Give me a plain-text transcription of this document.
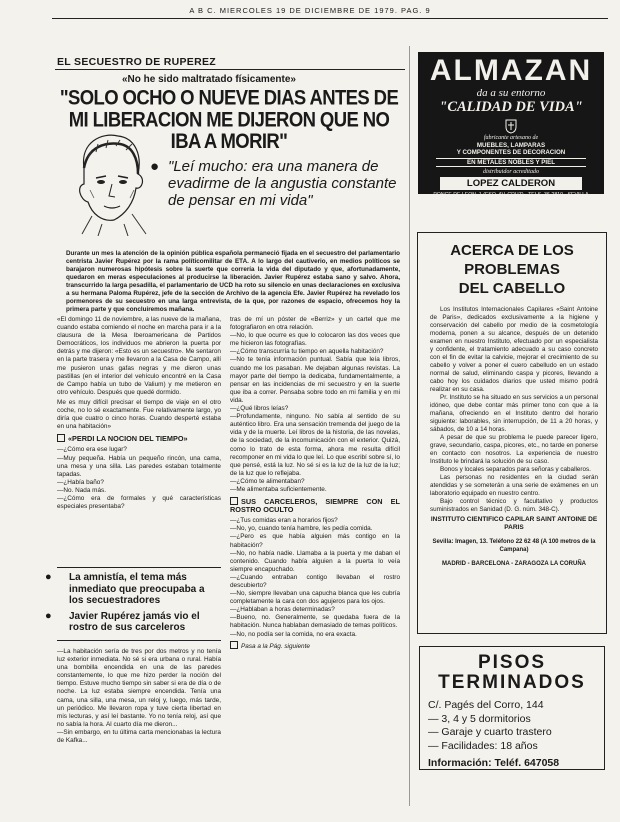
A B C. MIERCOLES 19 DE DICIEMBRE DE 1979. PAG. 9
EL SECUESTRO DE RUPEREZ
«No he sido maltratado físicamente»
"SOLO OCHO O NUEVE DIAS ANTES DE MI LIBERACION ME DIJERON QUE NO IBA A MORIR"
● "Leí mucho: era una manera de evadirme de la angustia constante de pensar en mi vida"
Durante un mes la atención de la opinión pública española permaneció fijada en el secuestro del parlamentario centrista Javier Rupérez por la rama políticomilitar de ETA. A lo largo del cautiverio, en medios políticos se barajaron numerosas hipótesis sobre la suerte que correría la vida del diputado y que, afortunadamente, quedaron en meras especulaciones al producirse la liberación. Javier Rupérez estaba sano y salvo. Ahora, transcurrido la larga pesadilla, el parlamentario de UCD ha roto su silencio en unas declaraciones en exclusiva a su hermana Paloma Rupérez, jefe de la sección de Archivo de la agencia Efe. Javier Rupérez ha revelado los pormenores de su secuestro en una larga entrevista, de la que, por razones de espacio, ofrecemos hoy la primera parte y que concluiremos mañana.

«El domingo 11 de noviembre, a las nueve de la mañana, cuando estaba comiendo el noche en marcha para ir a la clausura de la Mesa Iberoamericana de Partidos Democráticos, los individuos me abrieron la puerta por detrás y me dijeron: «Esto es un secuestro». Me sentaron en la parte trasera y me llevaron a la Casa de Campo, allí me pusieron unas gafas negras y me dieron unas pastillas (en el interior del vehículo encontré en la Casa de Campo había un tubo de Valium) y me metieron en otro vehículo. Después que quedé dormido.

Me es muy difícil precisar el tiempo de viaje en el otro coche, no lo sé exactamente. Fue relativamente largo, yo diría que cuatro o cinco horas. Cuando desperté estaba en una habitación»

«PERDI LA NOCION DEL TIEMPO»

—¿Cómo era ese lugar?
—Muy pequeña. Había un pequeño rincón, una cama, una mesa y una silla. Las paredes estaban totalmente tapadas.
—¿Había baño?
—No. Nada más.
—¿Cómo era de formales y qué características especiales presentaba?

● La amnistía, el tema más inmediato que preocupaba a los secuestradores
● Javier Rupérez jamás vio el rostro de sus carceleros

—La habitación sería de tres por dos metros y no tenía luz exterior inmediata. No sé si era urbana o rural. Había una bombilla encendida en una de las paredes constantemente, lo que me hizo perder la noción del tiempo. Estuve mucho tiempo sin saber si era de día o de noche. La luz estaba siempre encendida. Tenía una cama, una silla, una mesa, un reloj y, luego, más tarde, un periódico. Me llevaron ropa y tuve cierta libertad en mis lecturas, y así leí bastante. Yo no tenía reloj, así que no sabía la hora. Al cuarto día me dieron...
—Sin embargo, en tu última carta mencionabas la lectura de Kafka...

tras de mí un póster de «Berriz» y un cartel que me fotografiaron en otra relación.

—No, lo que ocurre es que lo colocaron las dos veces que me hicieron las fotografías.
—¿Cómo transcurría tu tiempo en aquella habitación?
—No te tenía información puntual. Sabía que leía libros, cuando me los pasaban. Me dejaban algunas revistas. La mayor parte del tiempo la dedicaba, fundamentalmente, a pensar en las incidencias de mi secuestro y en la suerte que iba a correr. Pensaba sobre todo en mi familia y en mi vida.
—¿Qué libros leías?
—Profundamente, ninguno. No sabía al sentido de su auténtico libro. Era una sensación tremenda del juego de la vida y de la muerte. Leí libros de la historia, de las novelas, de la sociedad, de la incomunicación con el exterior. Quizá, como lo trato de esta forma, ahora me resulta difícil recomponer en mi vida lo que leí. Lo que escribí sobre sí, lo que pensé, está la luz. No sé si es la luz de la luz de la luz; de la luz que lo reflejaba.
—¿Cómo te alimentaban?
—Me alimentaba suficientemente.

SUS CARCELEROS, SIEMPRE CON EL ROSTRO OCULTO

—¿Tus comidas eran a horarios fijos?
—No, yo, cuando tenía hambre, les pedía comida.
—¿Pero es que había alguien más contigo en la habitación?
—No, no había nadie. Llamaba a la puerta y me daban el contenido. Cuando había alguien a la puerta lo veía siempre encapuchado.
—¿Cuando entraban contigo llevaban el rostro descubierto?
—No, siempre llevaban una capucha blanca que les cubría completamente la cara con dos agujeros para los ojos.
—¿Hablaban a horas determinadas?
—Bueno, no. Generalmente, se quedaba fuera de la habitación. Nunca hablaban demasiado de temas políticos.
—No, no podía ser la comida, no era exacta.

Pasa a la Pág. siguiente
ALMAZAN
da a su entorno
"CALIDAD DE VIDA"
fabricante artesano de
MUEBLES, LAMPARAS
Y COMPONENTES DE DECORACION
EN METALES NOBLES Y PIEL
distribuidor acreditado
LOPEZ CALDERON
PONCE DE LEON, 1 (ESQ. AV. CRUZ) · TELS. 36-2810 · SEVILLA
ACERCA DE LOS PROBLEMAS
DEL CABELLO

Los Institutos Internacionales Capilares «Saint Antoine de Paris», dedicados exclusivamente a la higiene y conservación del cabello por medio de la cosmetología moderna, ponen a su alcance, después de un detenido examen en nuestro Instituto, efectuado por un especialista y confidente, el tratamiento adecuado a su caso concreto con el fin de evitar la calvicie, mejorar el crecimiento de su cabello y volver a poner el cuero cabelludo en un estado normal de salud, eliminando caspa y picores, llevando a cabo hoy los cuidados diarios que usted mismo podrá realizar en su casa.

Pr. Instituto se ha situado en sus servicios a un personal idóneo, que debe contar más primer tono con que a la mañana, ofreciendo en el Instituto dentro del horario siguiente: laborables, sin interrupción, de 11 a 20 horas, y sábados, de 10 a 14 horas.

A pesar de que su problema le puede parecer ligero, grave, secundario, caspa, picores, etc., no tarde en ponerse en contacto con nosotros. La experiencia de nuestro Instituto le brindará la solución de su caso.

Bonos y locales separados para señoras y caballeros.

Las personas no residentes en la ciudad serán atendidas y se someterán a una serie de exámenes en un laboratorio equipado en nuestro centro.

Bajo control técnico y facultativo y productos suministrados en Sanidad (D. G. núm. 348-C).

INSTITUTO CIENTIFICO CAPILAR SAINT ANTOINE DE PARIS
Sevilla: Imagen, 13. Teléfono 22 62 48 (A 100 metros de la Campana)
MADRID - BARCELONA - ZARAGOZA LA CORUÑA
PISOS
TERMINADOS
C/. Pagés del Corro, 144
— 3, 4 y 5 dormitorios
— Garaje y cuarto trastero
— Facilidades: 18 años
Información: Teléf. 647058
